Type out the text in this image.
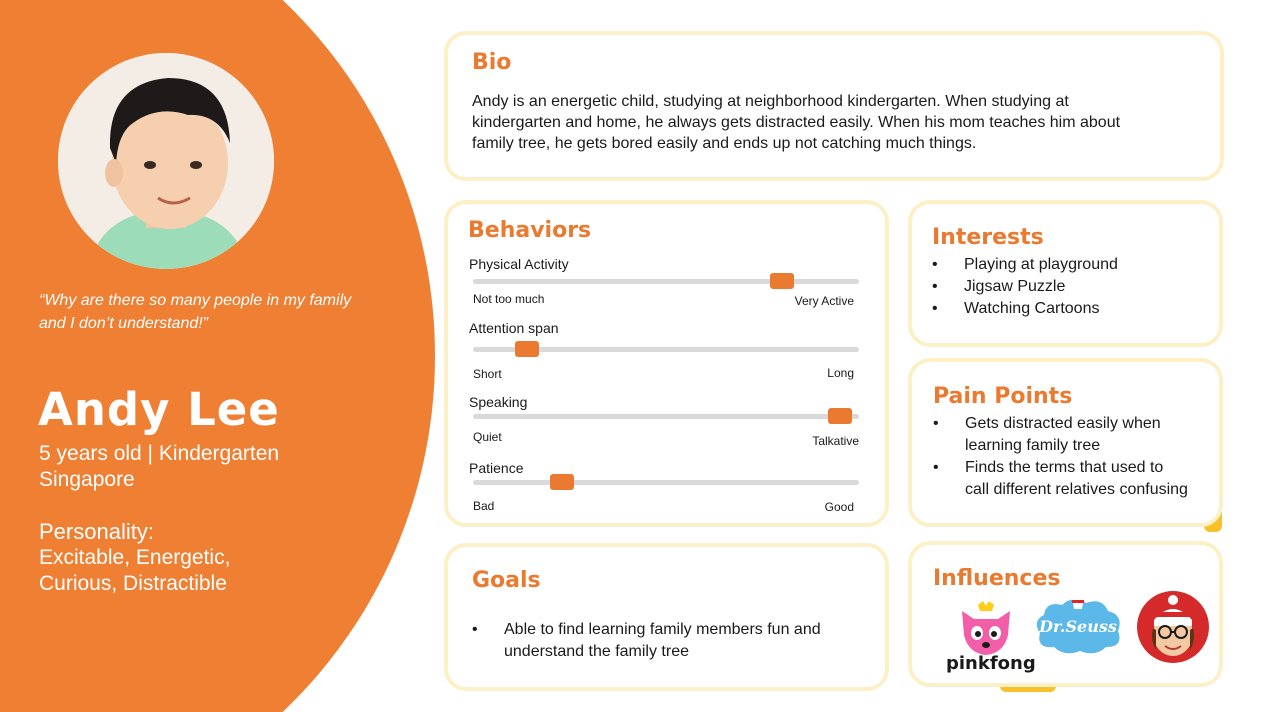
“Why are there so many people in my family
and I don’t understand!”
Andy Lee
5 years old | Kindergarten
Singapore
Personality:
Excitable, Energetic,
Curious, Distractible
Bio
Andy is an energetic child, studying at neighborhood kindergarten. When studying at
kindergarten and home, he always gets distracted easily. When his mom teaches him about
family tree, he gets bored easily and ends up not catching much things.
Behaviors
Physical Activity
Not too much	Very Active
Attention span
Short	Long
Speaking
Quiet	Talkative
Patience
Bad	Good
Interests
• Playing at playground
• Jigsaw Puzzle
• Watching Cartoons
Pain Points
• Gets distracted easily when
learning family tree
• Finds the terms that used to
call different relatives confusing
Goals
• Able to find learning family members fun and
understand the family tree
Influences
pinkfong
Dr.Seuss
